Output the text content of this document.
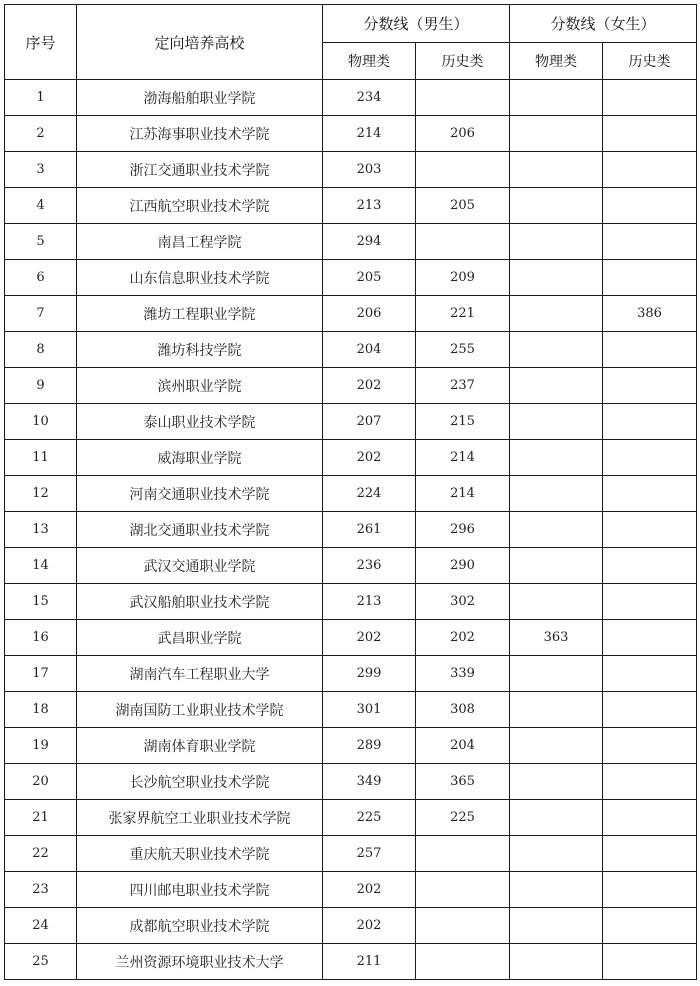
序号	定向培养高校	分数线（男生）		分数线（女生）	
		物理类	历史类	物理类	历史类
1	渤海船舶职业学院	234			
2	江苏海事职业技术学院	214	206		
3	浙江交通职业技术学院	203			
4	江西航空职业技术学院	213	205		
5	南昌工程学院	294			
6	山东信息职业技术学院	205	209		
7	潍坊工程职业学院	206	221		386
8	潍坊科技学院	204	255		
9	滨州职业学院	202	237		
10	泰山职业技术学院	207	215		
11	威海职业学院	202	214		
12	河南交通职业技术学院	224	214		
13	湖北交通职业技术学院	261	296		
14	武汉交通职业学院	236	290		
15	武汉船舶职业技术学院	213	302		
16	武昌职业学院	202	202	363	
17	湖南汽车工程职业大学	299	339		
18	湖南国防工业职业技术学院	301	308		
19	湖南体育职业学院	289	204		
20	长沙航空职业技术学院	349	365		
21	张家界航空工业职业技术学院	225	225		
22	重庆航天职业技术学院	257			
23	四川邮电职业技术学院	202			
24	成都航空职业技术学院	202			
25	兰州资源环境职业技术大学	211			
